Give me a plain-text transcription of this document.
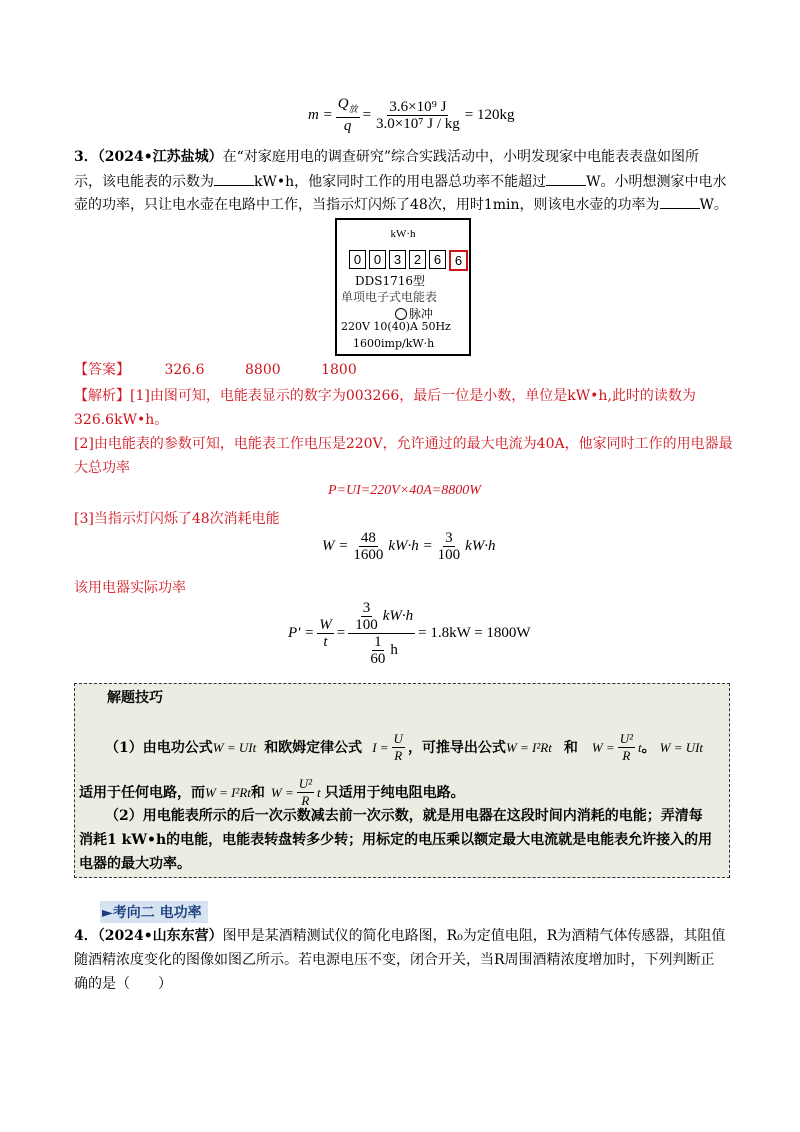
$m = \frac{Q_放}{q} = \frac{\text{3.6×10⁹ J}}{\text{3.0×10⁷ J / kg}} = 120kg$
3．（2024•江苏盐城）在“对家庭用电的调查研究”综合实践活动中，小明发现家中电能表表盘如图所
示，该电能表的示数为	kW•h，他家同时工作的用电器总功率不能超过	W。小明想测家中电水
壶的功率，只让电水壶在电路中工作，当指示灯闪烁了48次，用时1min，则该电水壶的功率为	W。
kW·h
0 0 3 2 6	6
DDS1716型
单项电子式电能表
脉冲
220V 10(40)A 50Hz
1600imp/kW·h
【答案】 326.6	8800	1800
【解析】[1]由图可知，电能表显示的数字为003266，最后一位是小数，单位是kW•h,此时的读数为
326.6kW•h。
[2]由电能表的参数可知，电能表工作电压是220V，允许通过的最大电流为40A，他家同时工作的用电器最
大总功率
P=UI=220V×40A=8800W
[3]当指示灯闪烁了48次消耗电能
$W = \frac{48}{1600} kW\cdot h = \frac{3}{100} kW\cdot h$
该用电器实际功率
$P' = \frac{W}{t} = \frac{\frac{3}{100} kW\cdot h}{\frac{1}{60} h} = 1.8kW = 1800W$
解题技巧
（1）由电功公式 W = UIt 和欧姆定律公式 $I = \frac{U}{R}$ ，可推导出公式 W = I²Rt 和 $W = \frac{\text{U²}}{R}$ t 。 W = UIt
适用于任何电路，而 W = I²Rt 和 $W = \frac{\text{U²}}{R}$ t 只适用于纯电阻电路。
（2）用电能表所示的后一次示数减去前一次示数，就是用电器在这段时间内消耗的电能；弄清每
消耗1 kW•h的电能，电能表转盘转多少转；用标定的电压乘以额定最大电流就是电能表允许接入的用
电器的最大功率。
►考向二 电功率
4．（2024•山东东营）图甲是某酒精测试仪的简化电路图，R₀为定值电阻，R为酒精气体传感器，其阻值
随酒精浓度变化的图像如图乙所示。若电源电压不变，闭合开关，当R周围酒精浓度增加时，下列判断正
确的是（　　）
